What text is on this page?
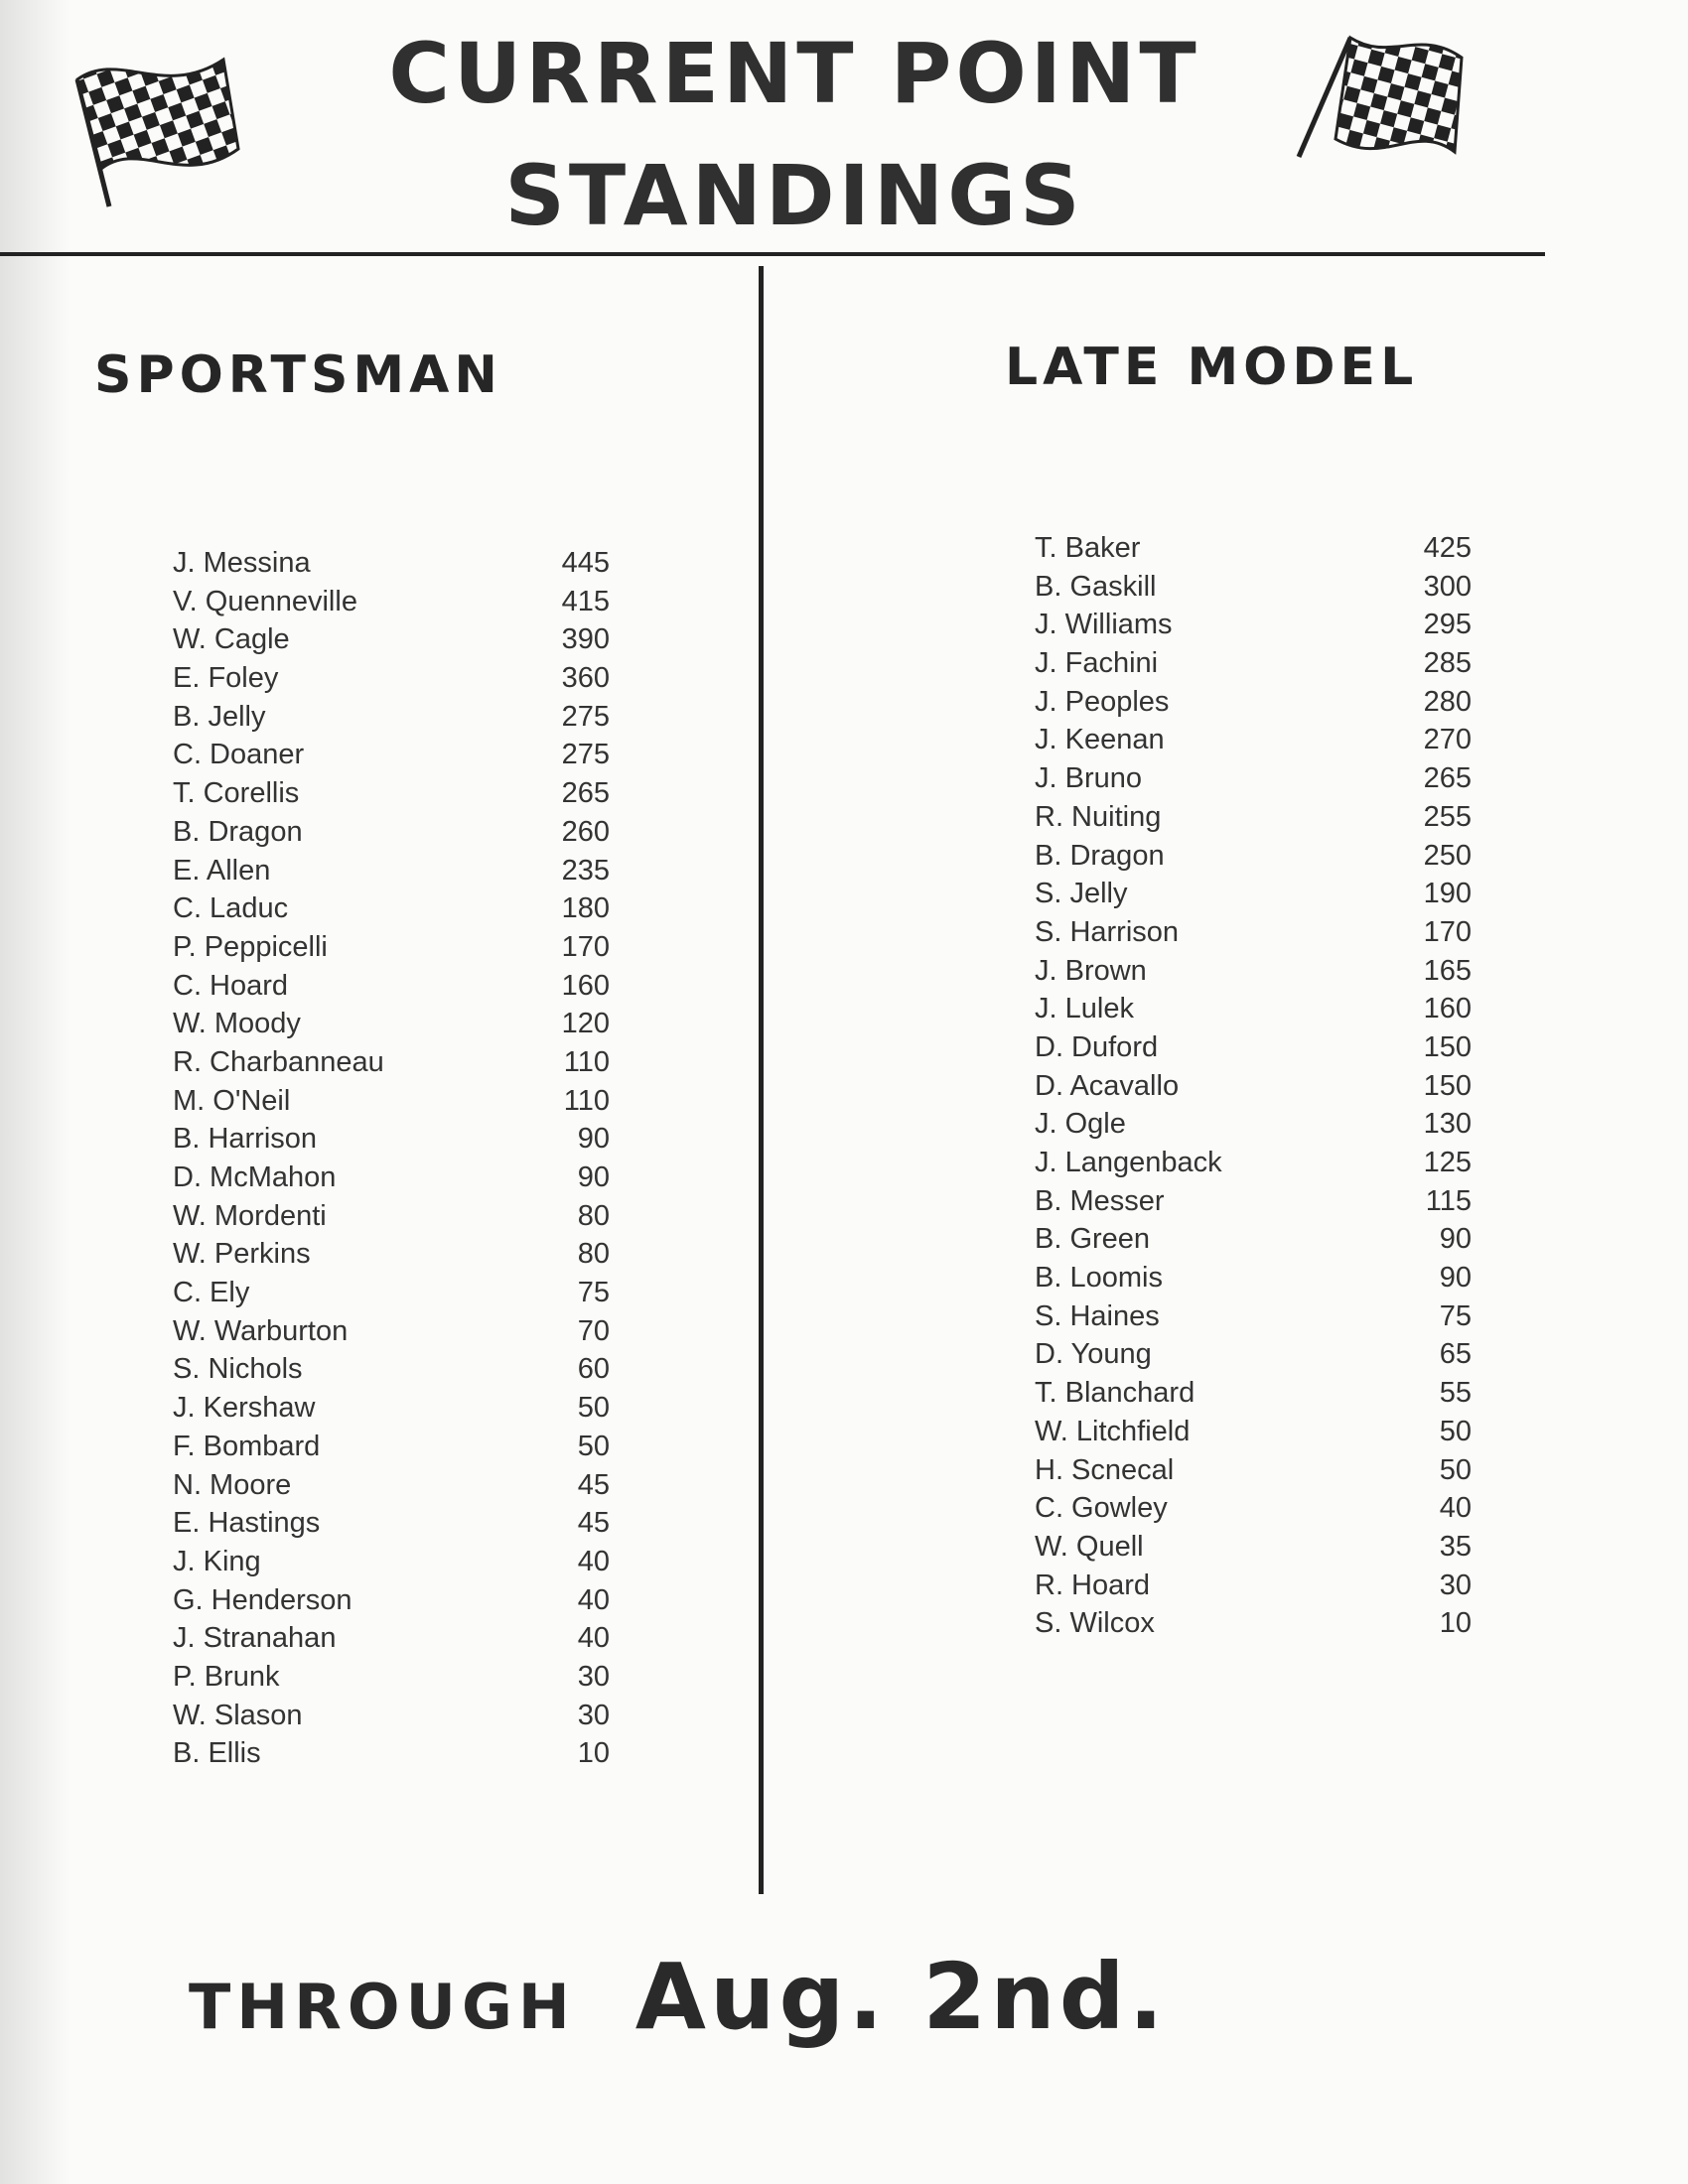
CURRENT POINT
STANDINGS
SPORTSMAN	LATE MODEL
J. Messina	445
V. Quenneville	415
W. Cagle	390
E. Foley	360
B. Jelly	275
C. Doaner	275
T. Corellis	265
B. Dragon	260
E. Allen	235
C. Laduc	180
P. Peppicelli	170
C. Hoard	160
W. Moody	120
R. Charbanneau	110
M. O'Neil	110
B. Harrison	90
D. McMahon	90
W. Mordenti	80
W. Perkins	80
C. Ely	75
W. Warburton	70
S. Nichols	60
J. Kershaw	50
F. Bombard	50
N. Moore	45
E. Hastings	45
J. King	40
G. Henderson	40
J. Stranahan	40
P. Brunk	30
W. Slason	30
B. Ellis	10
T. Baker	425
B. Gaskill	300
J. Williams	295
J. Fachini	285
J. Peoples	280
J. Keenan	270
J. Bruno	265
R. Nuiting	255
B. Dragon	250
S. Jelly	190
S. Harrison	170
J. Brown	165
J. Lulek	160
D. Duford	150
D. Acavallo	150
J. Ogle	130
J. Langenback	125
B. Messer	115
B. Green	90
B. Loomis	90
S. Haines	75
D. Young	65
T. Blanchard	55
W. Litchfield	50
H. Scnecal	50
C. Gowley	40
W. Quell	35
R. Hoard	30
S. Wilcox	10
THROUGH Aug. 2nd.
